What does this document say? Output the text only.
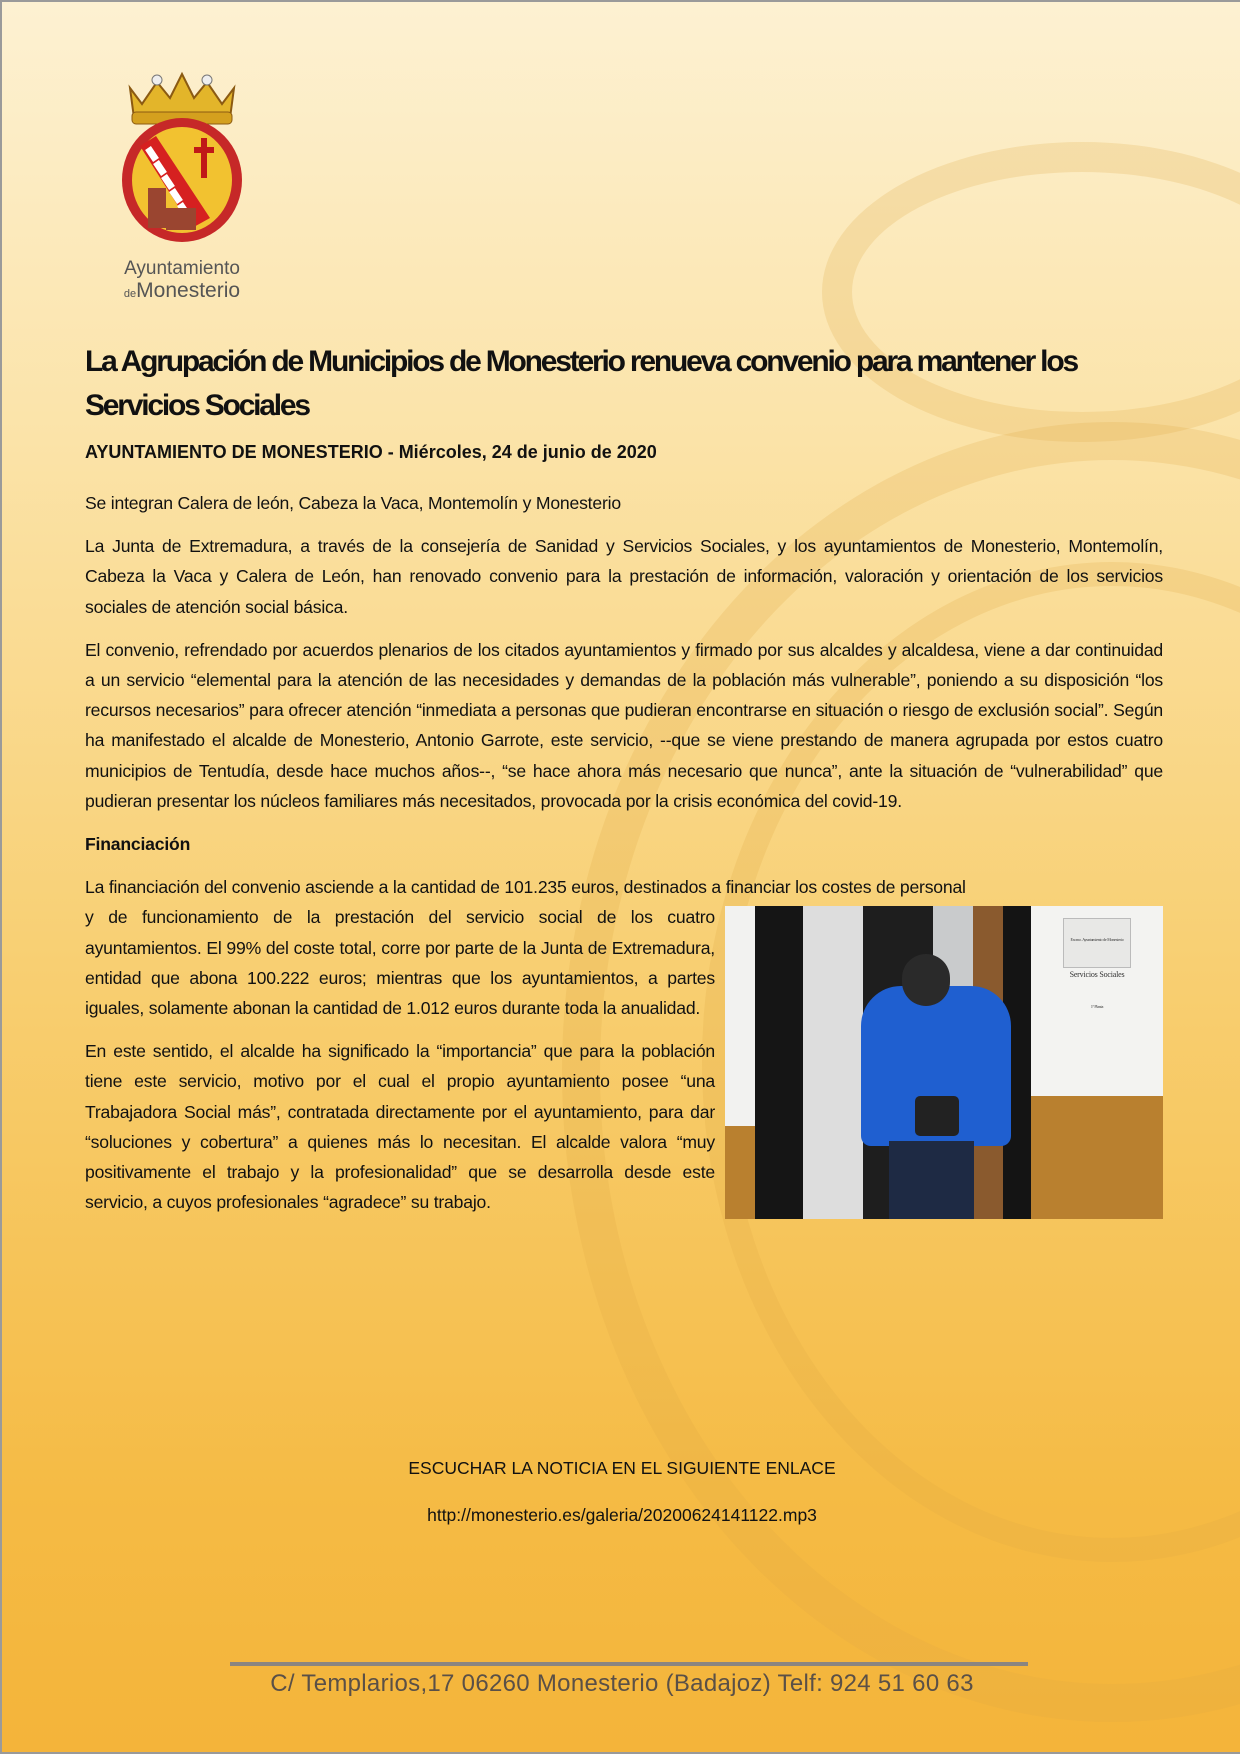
Ayuntamiento
deMonesterio
La Agrupación de Municipios de Monesterio renueva convenio para mantener los Servicios Sociales
AYUNTAMIENTO DE MONESTERIO - Miércoles, 24 de junio de 2020

Se integran Calera de león, Cabeza la Vaca, Montemolín y Monesterio

La Junta de Extremadura, a través de la consejería de Sanidad y Servicios Sociales, y los ayuntamientos de Monesterio, Montemolín, Cabeza la Vaca y Calera de León, han renovado convenio para la prestación de información, valoración y orientación de los servicios sociales de atención social básica.

El convenio, refrendado por acuerdos plenarios de los citados ayuntamientos y firmado por sus alcaldes y alcaldesa, viene a dar continuidad a un servicio “elemental para la atención de las necesidades y demandas de la población más vulnerable”, poniendo a su disposición “los recursos necesarios” para ofrecer atención “inmediata a personas que pudieran encontrarse en situación o riesgo de exclusión social”. Según ha manifestado el alcalde de Monesterio, Antonio Garrote, este servicio, --que se viene prestando de manera agrupada por estos cuatro municipios de Tentudía, desde hace muchos años--, “se hace ahora más necesario que nunca”, ante la situación de “vulnerabilidad” que pudieran presentar los núcleos familiares más necesitados, provocada por la crisis económica del covid-19.

Financiación

La financiación del convenio asciende a la cantidad de 101.235 euros, destinados a financiar los costes de personal

Excmo. Ayuntamiento de Monesterio
Servicios Sociales
1ª Planta

y de funcionamiento de la prestación del servicio social de los cuatro ayuntamientos. El 99% del coste total, corre por parte de la Junta de Extremadura, entidad que abona 100.222 euros; mientras que los ayuntamientos, a partes iguales, solamente abonan la cantidad de 1.012 euros durante toda la anualidad.

En este sentido, el alcalde ha significado la “importancia” que para la población tiene este servicio, motivo por el cual el propio ayuntamiento posee “una Trabajadora Social más”, contratada directamente por el ayuntamiento, para dar “soluciones y cobertura” a quienes más lo necesitan. El alcalde valora “muy positivamente el trabajo y la profesionalidad” que se desarrolla desde este servicio, a cuyos profesionales “agradece” su trabajo.

ESCUCHAR LA NOTICIA EN EL SIGUIENTE ENLACE
http://monesterio.es/galeria/20200624141122.mp3
C/ Templarios,17 06260 Monesterio (Badajoz) Telf: 924 51 60 63
